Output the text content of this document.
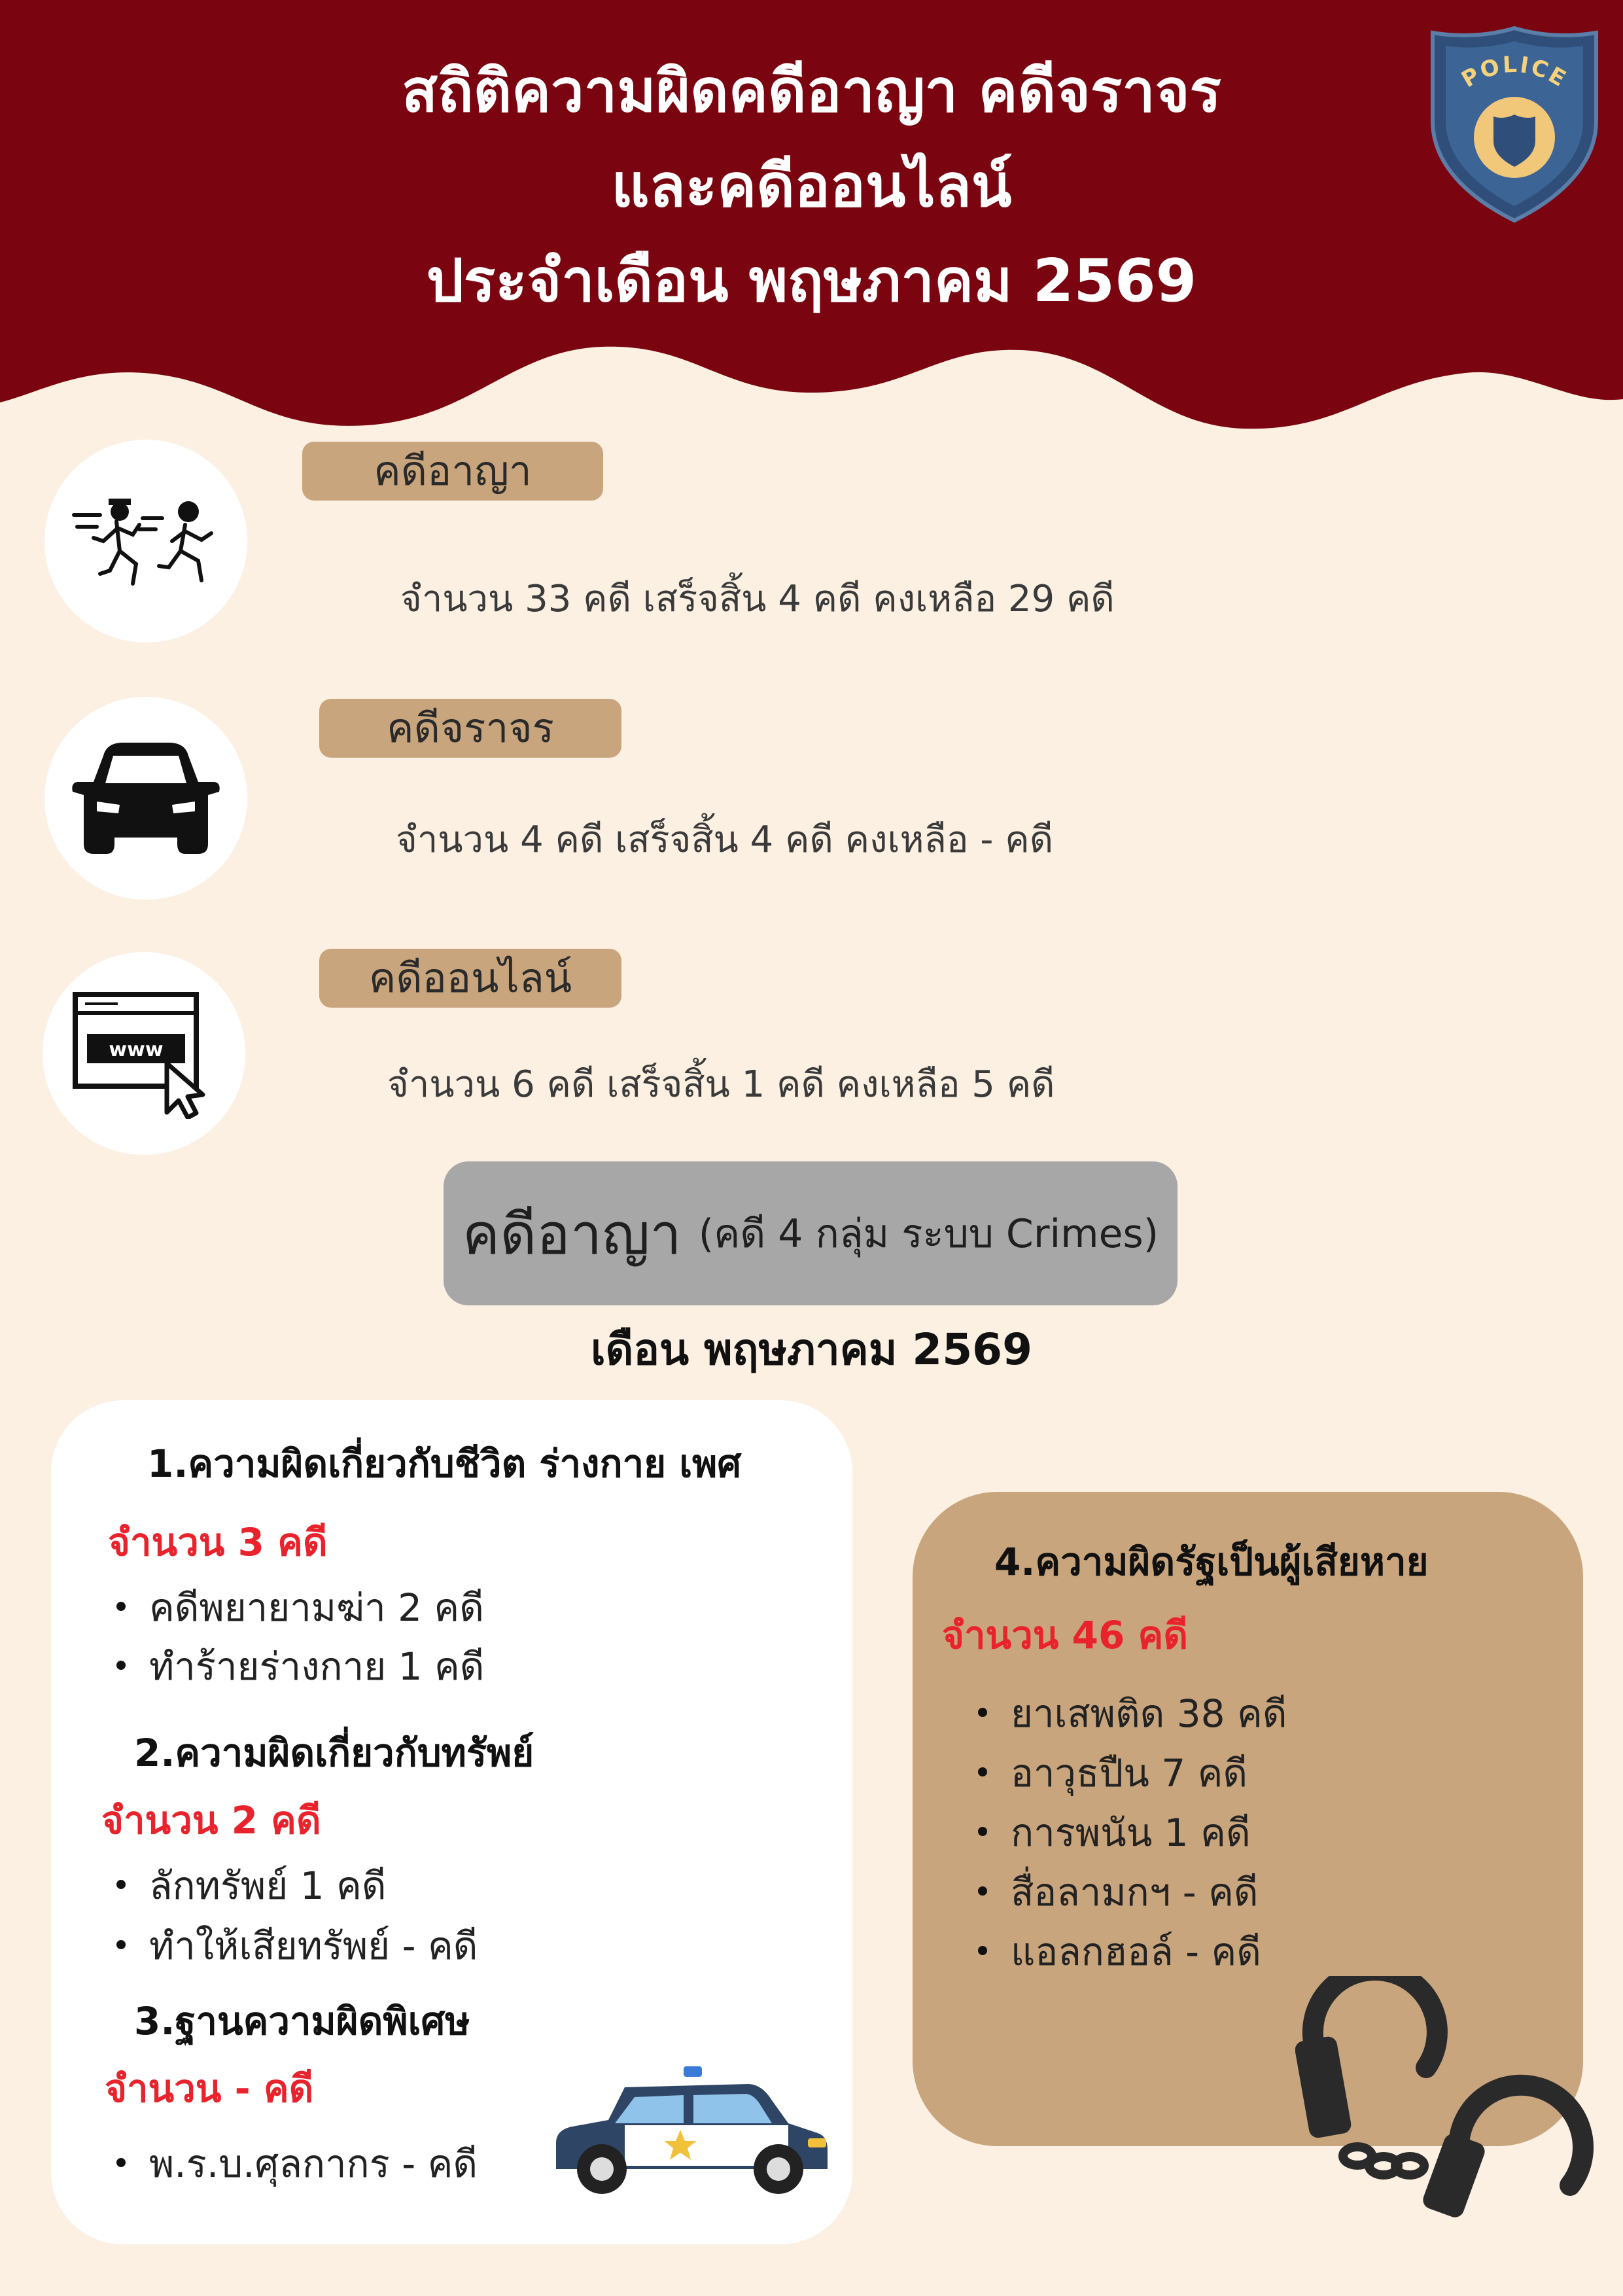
สถิติความผิดคดีอาญา คดีจราจร
และคดีออนไลน์
ประจำเดือน พฤษภาคม 2569
POLICE
คดีอาญา
จำนวน 33 คดี เสร็จสิ้น 4 คดี คงเหลือ 29 คดี
คดีจราจร
จำนวน 4 คดี เสร็จสิ้น 4 คดี คงเหลือ - คดี
www
คดีออนไลน์
จำนวน 6 คดี เสร็จสิ้น 1 คดี คงเหลือ 5 คดี
คดีอาญา (คดี 4 กลุ่ม ระบบ Crimes)
เดือน พฤษภาคม 2569
1.ความผิดเกี่ยวกับชีวิต ร่างกาย เพศ
จำนวน 3 คดี
คดีพยายามฆ่า 2 คดี
ทำร้ายร่างกาย 1 คดี
2.ความผิดเกี่ยวกับทรัพย์
จำนวน 2 คดี
ลักทรัพย์ 1 คดี
ทำให้เสียทรัพย์ - คดี
3.ฐานความผิดพิเศษ
จำนวน - คดี
พ.ร.บ.ศุลกากร - คดี
4.ความผิดรัฐเป็นผู้เสียหาย
จำนวน 46 คดี
ยาเสพติด 38 คดี
อาวุธปืน 7 คดี
การพนัน 1 คดี
สื่อลามกฯ - คดี
แอลกฮอล์ - คดี
